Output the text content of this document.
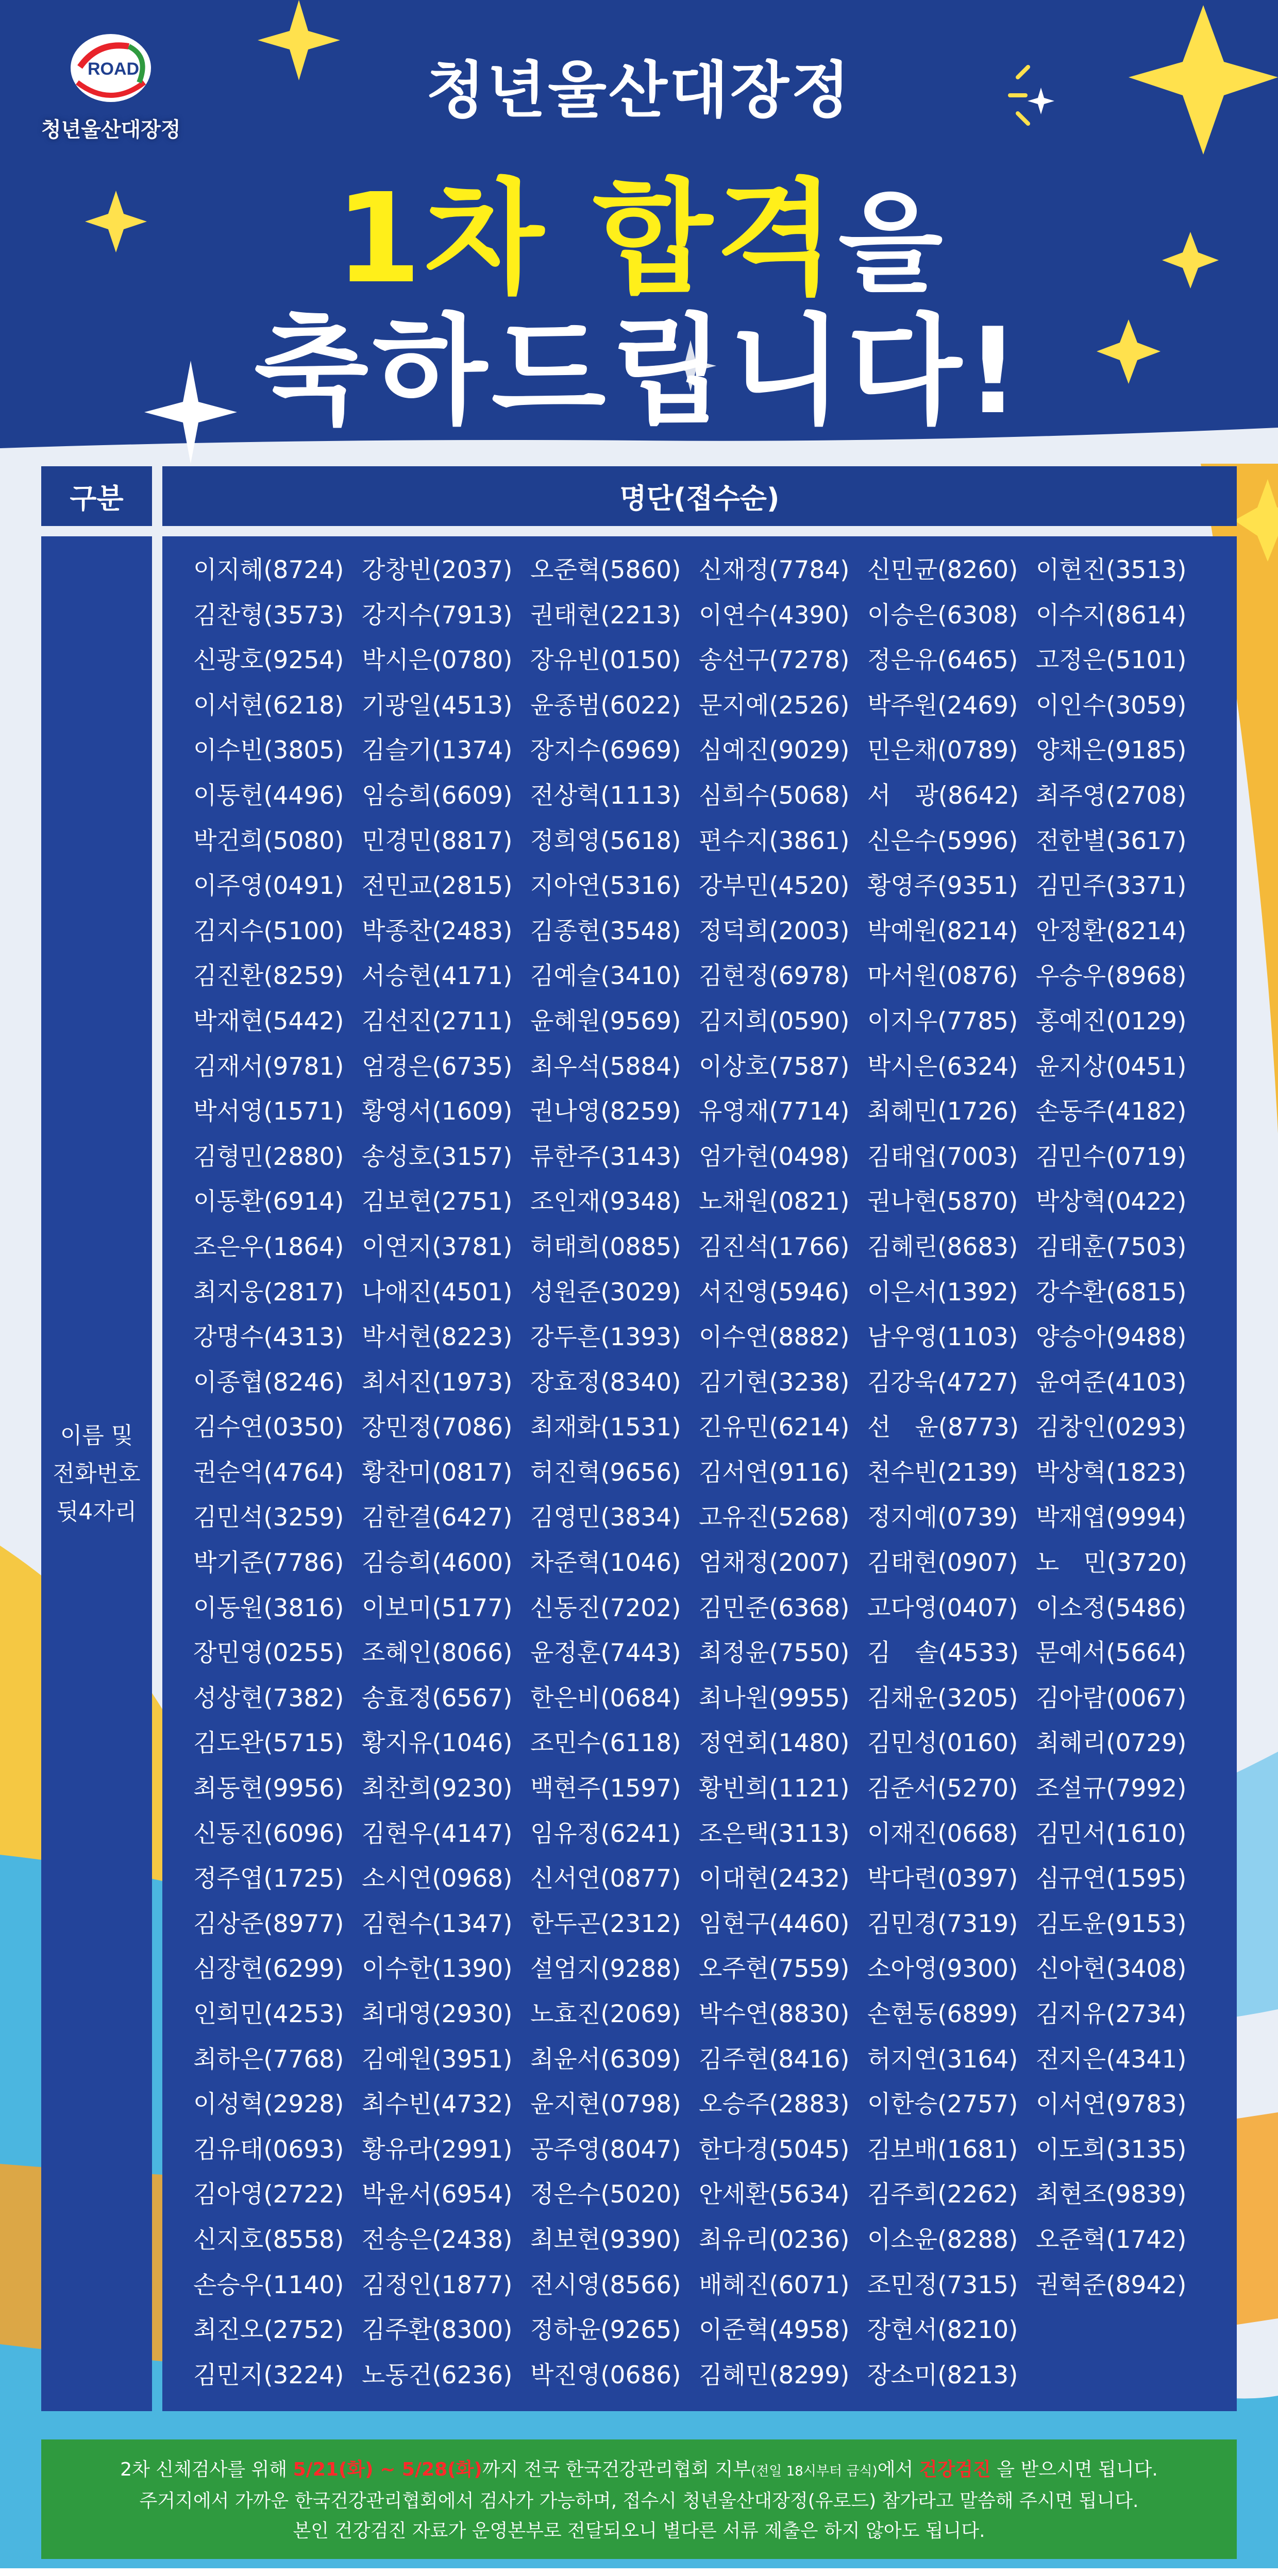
ROAD
청년울산대장정
청년울산대장정
1차 합격을
축하드립니다!
구분	명단(접수순)
이름 및
전화번호
뒷4자리
이지혜(8724) 강창빈(2037) 오준혁(5860) 신재정(7784) 신민균(8260) 이현진(3513)
김찬형(3573) 강지수(7913) 권태현(2213) 이연수(4390) 이승은(6308) 이수지(8614)
신광호(9254) 박시은(0780) 장유빈(0150) 송선구(7278) 정은유(6465) 고정은(5101)
이서현(6218) 기광일(4513) 윤종범(6022) 문지예(2526) 박주원(2469) 이인수(3059)
이수빈(3805) 김슬기(1374) 장지수(6969) 심예진(9029) 민은채(0789) 양채은(9185)
이동헌(4496) 임승희(6609) 전상혁(1113) 심희수(5068) 서　광(8642) 최주영(2708)
박건희(5080) 민경민(8817) 정희영(5618) 편수지(3861) 신은수(5996) 전한별(3617)
이주영(0491) 전민교(2815) 지아연(5316) 강부민(4520) 황영주(9351) 김민주(3371)
김지수(5100) 박종찬(2483) 김종현(3548) 정덕희(2003) 박예원(8214) 안정환(8214)
김진환(8259) 서승현(4171) 김예슬(3410) 김현정(6978) 마서원(0876) 우승우(8968)
박재현(5442) 김선진(2711) 윤혜원(9569) 김지희(0590) 이지우(7785) 홍예진(0129)
김재서(9781) 엄경은(6735) 최우석(5884) 이상호(7587) 박시은(6324) 윤지상(0451)
박서영(1571) 황영서(1609) 권나영(8259) 유영재(7714) 최혜민(1726) 손동주(4182)
김형민(2880) 송성호(3157) 류한주(3143) 엄가현(0498) 김태업(7003) 김민수(0719)
이동환(6914) 김보현(2751) 조인재(9348) 노채원(0821) 권나현(5870) 박상혁(0422)
조은우(1864) 이연지(3781) 허태희(0885) 김진석(1766) 김혜린(8683) 김태훈(7503)
최지웅(2817) 나애진(4501) 성원준(3029) 서진영(5946) 이은서(1392) 강수환(6815)
강명수(4313) 박서현(8223) 강두흔(1393) 이수연(8882) 남우영(1103) 양승아(9488)
이종협(8246) 최서진(1973) 장효정(8340) 김기현(3238) 김강욱(4727) 윤여준(4103)
김수연(0350) 장민정(7086) 최재화(1531) 긴유민(6214) 선　윤(8773) 김창인(0293)
권순억(4764) 황찬미(0817) 허진혁(9656) 김서연(9116) 천수빈(2139) 박상혁(1823)
김민석(3259) 김한결(6427) 김영민(3834) 고유진(5268) 정지예(0739) 박재엽(9994)
박기준(7786) 김승희(4600) 차준혁(1046) 엄채정(2007) 김태현(0907) 노　민(3720)
이동원(3816) 이보미(5177) 신동진(7202) 김민준(6368) 고다영(0407) 이소정(5486)
장민영(0255) 조혜인(8066) 윤정훈(7443) 최정윤(7550) 김　솔(4533) 문예서(5664)
성상현(7382) 송효정(6567) 한은비(0684) 최나원(9955) 김채윤(3205) 김아람(0067)
김도완(5715) 황지유(1046) 조민수(6118) 정연회(1480) 김민성(0160) 최혜리(0729)
최동현(9956) 최찬희(9230) 백현주(1597) 황빈희(1121) 김준서(5270) 조설규(7992)
신동진(6096) 김현우(4147) 임유정(6241) 조은택(3113) 이재진(0668) 김민서(1610)
정주엽(1725) 소시연(0968) 신서연(0877) 이대현(2432) 박다련(0397) 심규연(1595)
김상준(8977) 김현수(1347) 한두곤(2312) 임현구(4460) 김민경(7319) 김도윤(9153)
심장현(6299) 이수한(1390) 설엄지(9288) 오주현(7559) 소아영(9300) 신아현(3408)
인희민(4253) 최대영(2930) 노효진(2069) 박수연(8830) 손현동(6899) 김지유(2734)
최하은(7768) 김예원(3951) 최윤서(6309) 김주현(8416) 허지연(3164) 전지은(4341)
이성혁(2928) 최수빈(4732) 윤지현(0798) 오승주(2883) 이한승(2757) 이서연(9783)
김유태(0693) 황유라(2991) 공주영(8047) 한다경(5045) 김보배(1681) 이도희(3135)
김아영(2722) 박윤서(6954) 정은수(5020) 안세환(5634) 김주희(2262) 최현조(9839)
신지호(8558) 전송은(2438) 최보현(9390) 최유리(0236) 이소윤(8288) 오준혁(1742)
손승우(1140) 김정인(1877) 전시영(8566) 배혜진(6071) 조민정(7315) 권혁준(8942)
최진오(2752) 김주환(8300) 정하윤(9265) 이준혁(4958) 장현서(8210)
김민지(3224) 노동건(6236) 박진영(0686) 김혜민(8299) 장소미(8213)

2차 신체검사를 위해 5/21(화) ~ 5/28(화)까지 전국 한국건강관리협회 지부(전일 18시부터 금식)에서 건강검진 을 받으시면 됩니다.

주거지에서 가까운 한국건강관리협회에서 검사가 가능하며, 접수시 청년울산대장정(유로드) 참가라고 말씀해 주시면 됩니다.

본인 건강검진 자료가 운영본부로 전달되오니 별다른 서류 제출은 하지 않아도 됩니다.
